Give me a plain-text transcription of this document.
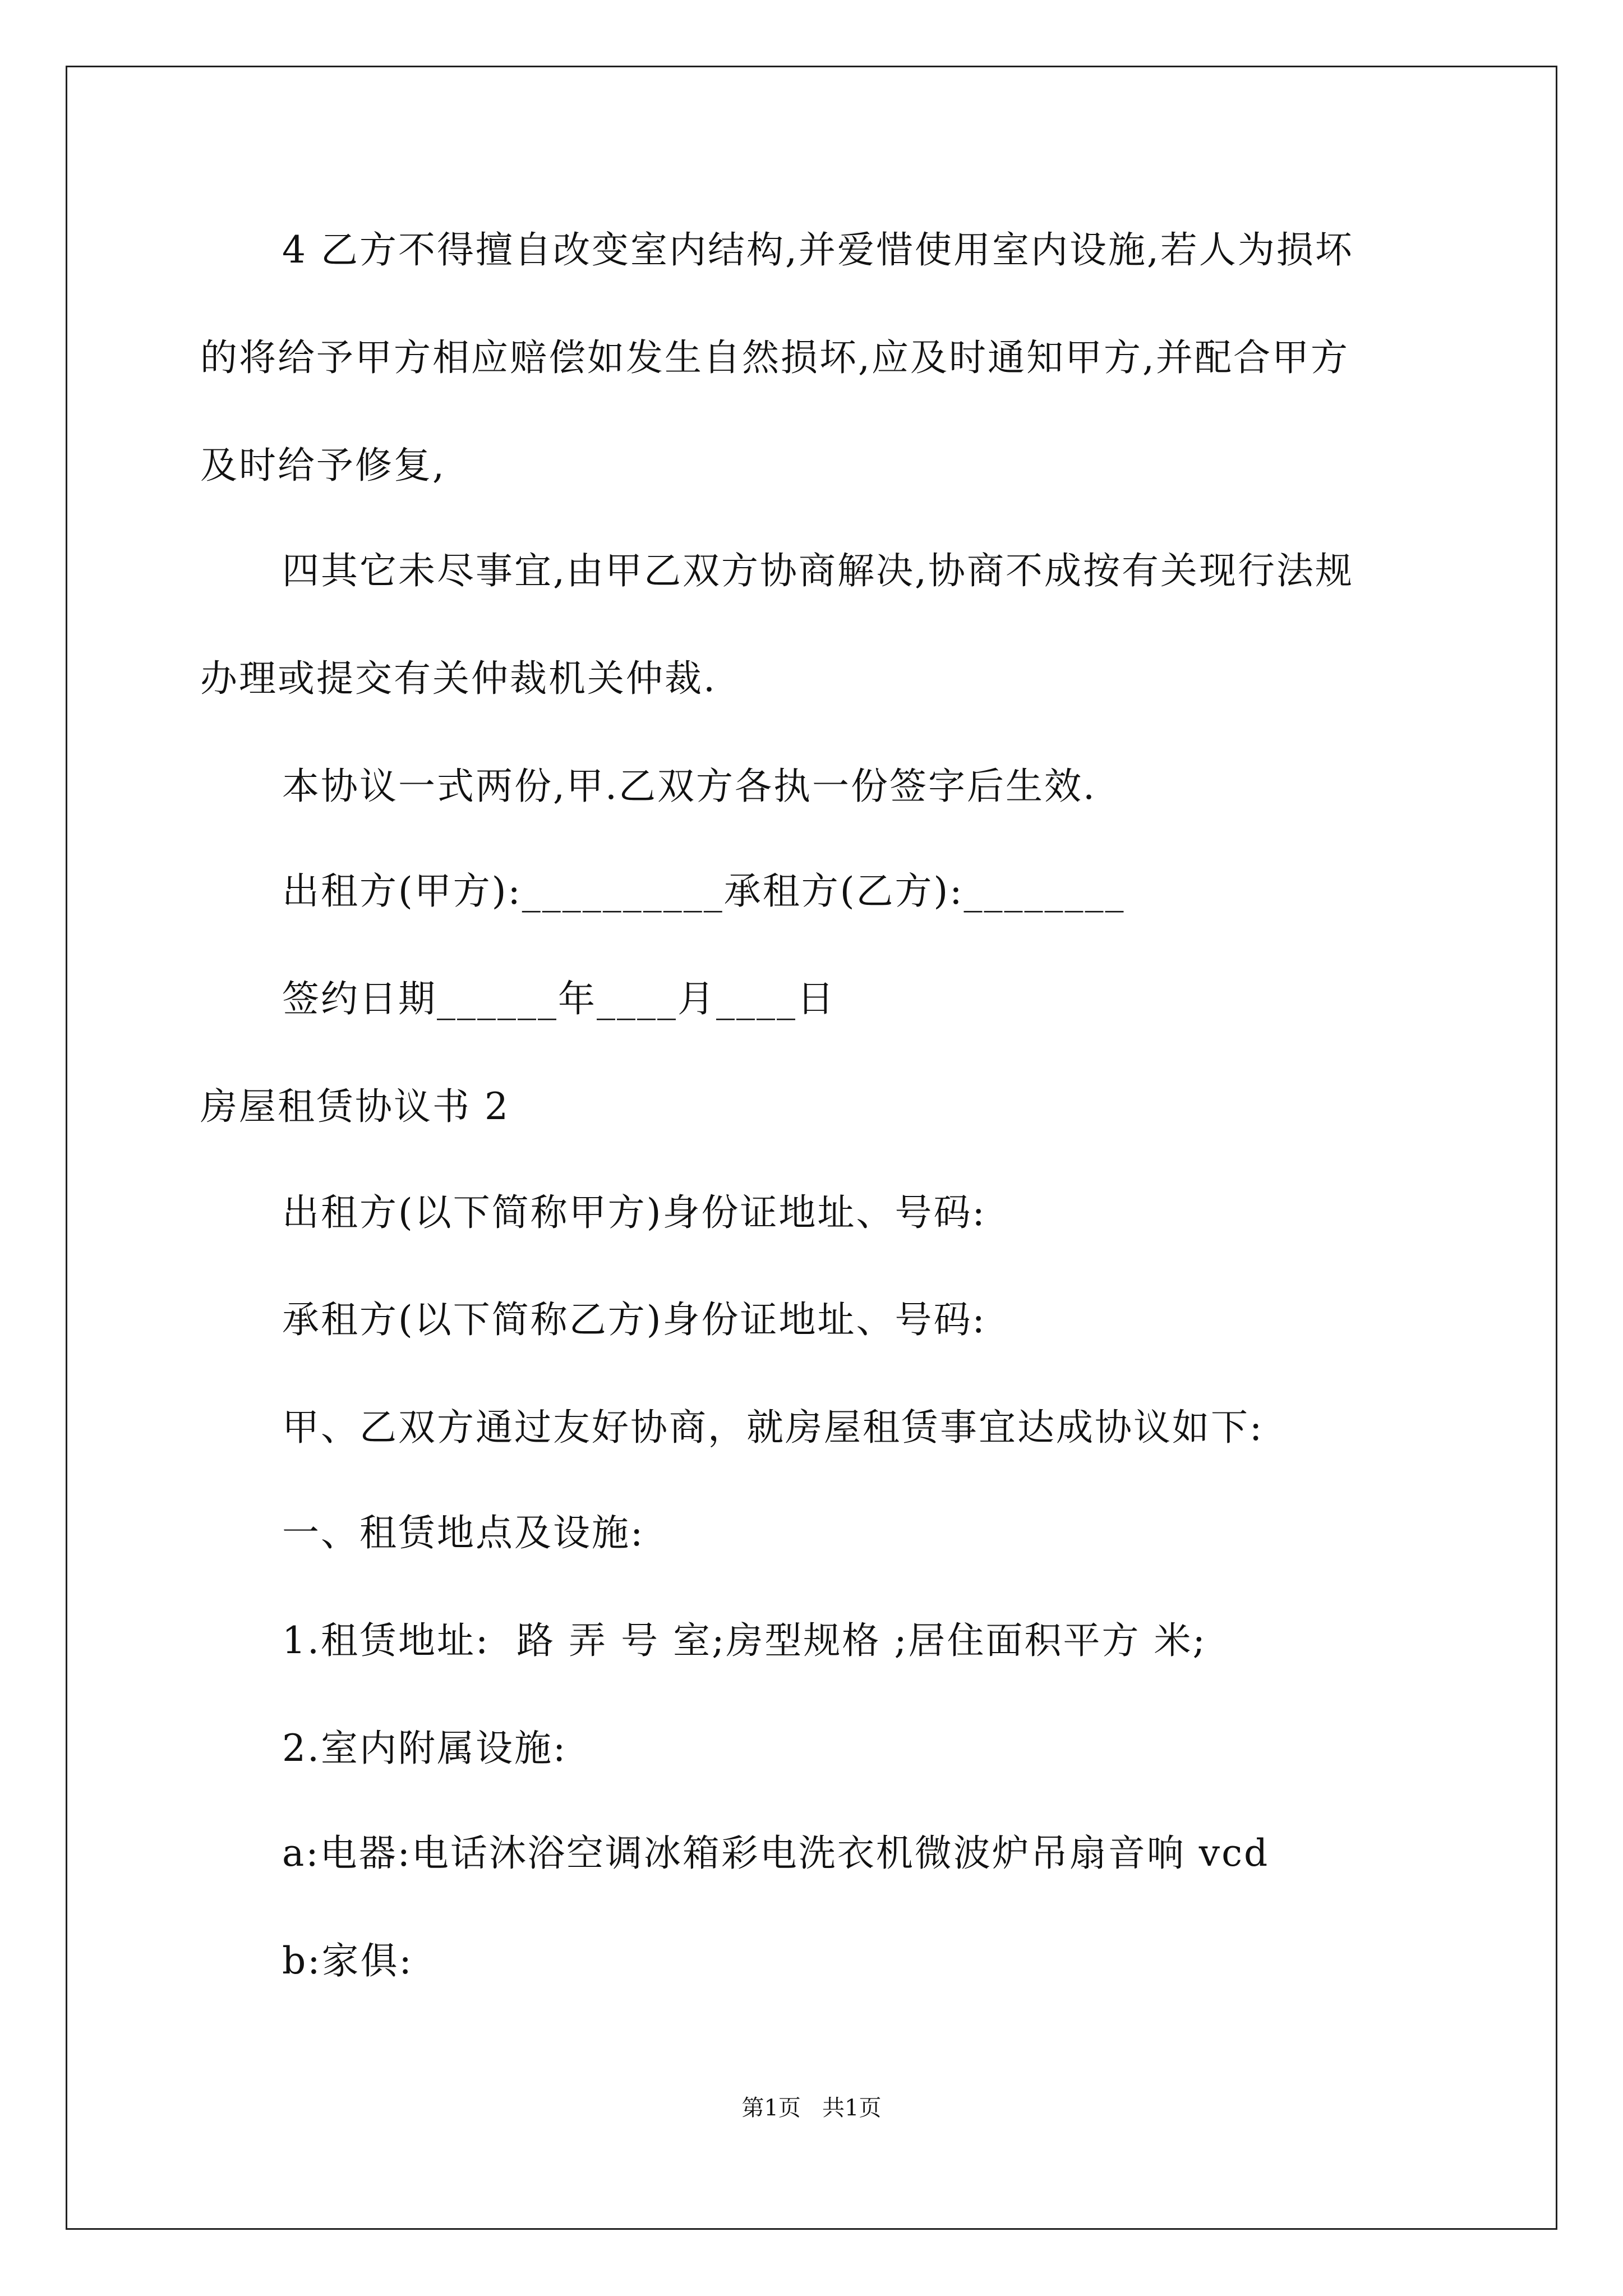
4 乙方不得擅自改变室内结构,并爱惜使用室内设施,若人为损坏
的将给予甲方相应赔偿如发生自然损坏,应及时通知甲方,并配合甲方
及时给予修复,
四其它未尽事宜,由甲乙双方协商解决,协商不成按有关现行法规
办理或提交有关仲裁机关仲裁.
本协议一式两份,甲.乙双方各执一份签字后生效.
出租方(甲方):__________承租方(乙方):________
签约日期______年____月____日
房屋租赁协议书 2
出租方(以下简称甲方)身份证地址、号码:
承租方(以下简称乙方)身份证地址、号码:
甲、乙双方通过友好协商，就房屋租赁事宜达成协议如下:
一、租赁地点及设施:
1.租赁地址:  路 弄 号 室;房型规格 ;居住面积平方 米;
2.室内附属设施:
a:电器:电话沐浴空调冰箱彩电洗衣机微波炉吊扇音响 vcd
b:家俱:
第1页   共1页
